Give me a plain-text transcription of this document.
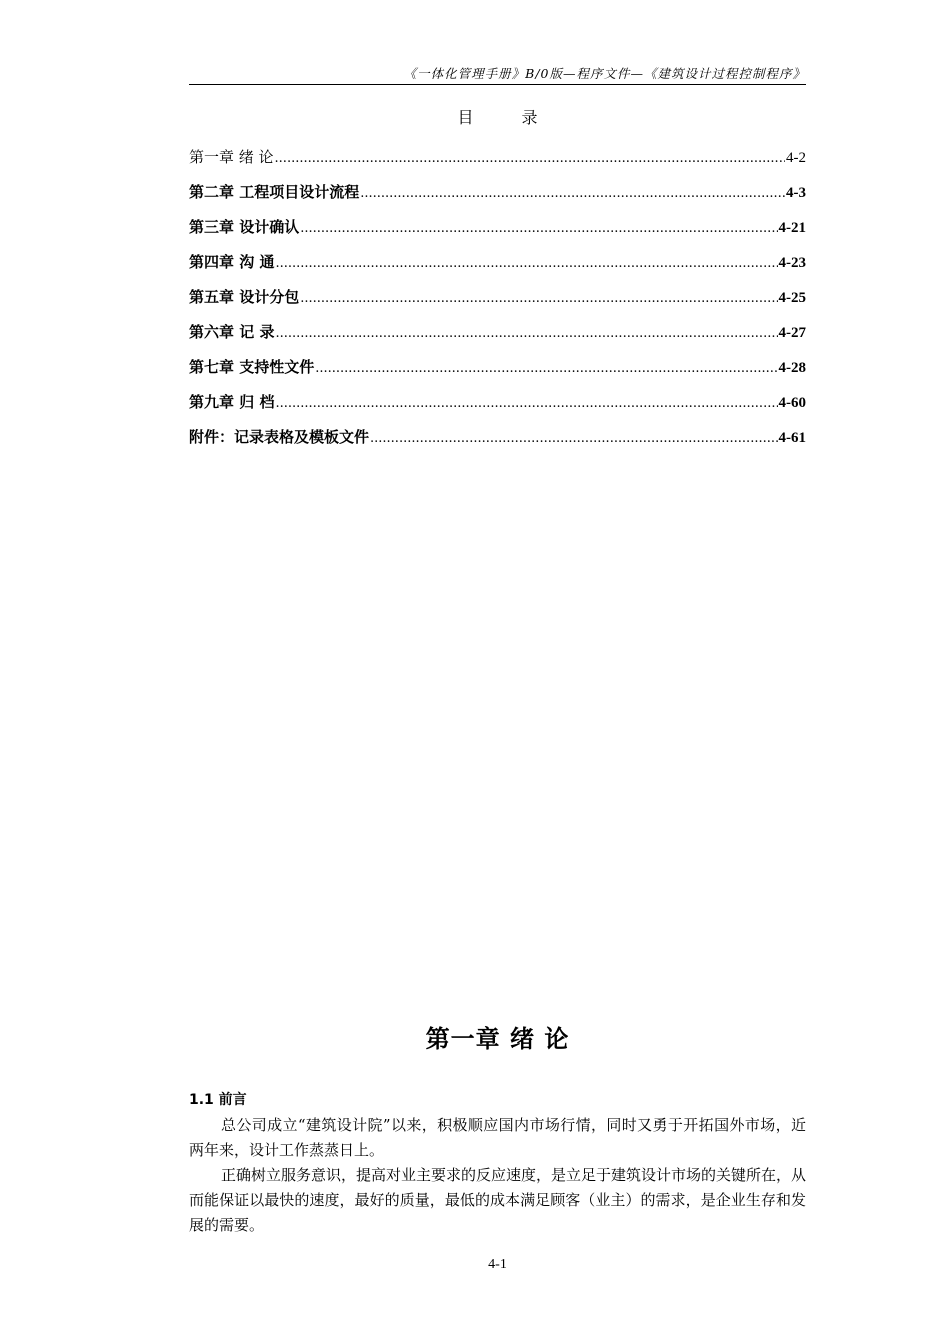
《一体化管理手册》B/0版—程序文件—《建筑设计过程控制程序》
目	录
第一章 绪 论 .....	4-2
第二章 工程项目设计流程 .....	4-3
第三章 设计确认 .....	4-21
第四章 沟 通 .....	4-23
第五章 设计分包 .....	4-25
第六章 记 录 .....	4-27
第七章 支持性文件 .....	4-28
第九章 归 档 .....	4-60
附件：记录表格及模板文件 .....	4-61
第一章 绪 论
1.1 前言

总公司成立“建筑设计院”以来，积极顺应国内市场行情，同时又勇于开拓国外市场，近两年来，设计工作蒸蒸日上。

正确树立服务意识，提高对业主要求的反应速度，是立足于建筑设计市场的关键所在，从而能保证以最快的速度，最好的质量，最低的成本满足顾客（业主）的需求，是企业生存和发展的需要。

4-1
